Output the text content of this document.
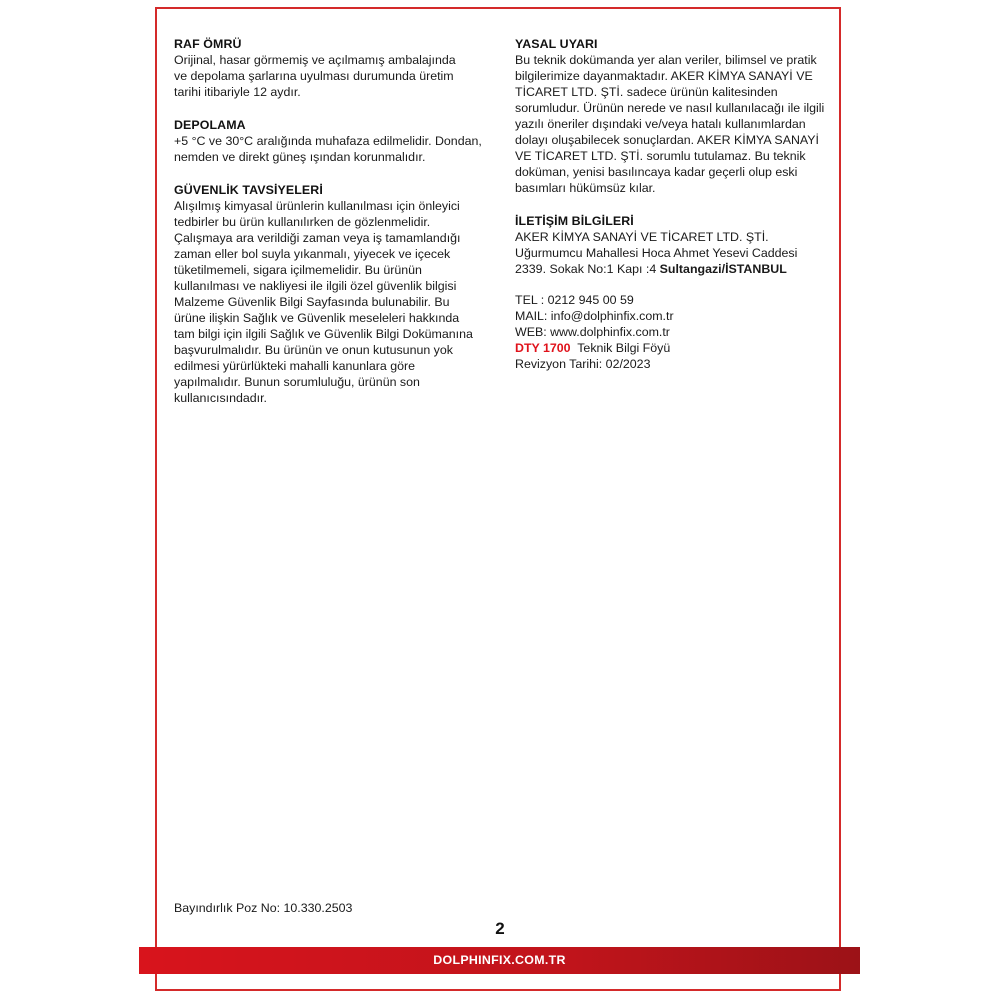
RAF ÖMRÜ
Orijinal, hasar görmemiş ve açılmamış ambalajında
ve depolama şarlarına uyulması durumunda üretim
tarihi itibariyle 12 aydır.
DEPOLAMA
+5 °C ve 30°C aralığında muhafaza edilmelidir. Dondan,
nemden ve direkt güneş ışından korunmalıdır.
GÜVENLİK TAVSİYELERİ
Alışılmış kimyasal ürünlerin kullanılması için önleyici
tedbirler bu ürün kullanılırken de gözlenmelidir.
Çalışmaya ara verildiği zaman veya iş tamamlandığı
zaman eller bol suyla yıkanmalı, yiyecek ve içecek
tüketilmemeli, sigara içilmemelidir. Bu ürünün
kullanılması ve nakliyesi ile ilgili özel güvenlik bilgisi
Malzeme Güvenlik Bilgi Sayfasında bulunabilir. Bu
ürüne ilişkin Sağlık ve Güvenlik meseleleri hakkında
tam bilgi için ilgili Sağlık ve Güvenlik Bilgi Dokümanına
başvurulmalıdır. Bu ürünün ve onun kutusunun yok
edilmesi yürürlükteki mahalli kanunlara göre
yapılmalıdır. Bunun sorumluluğu, ürünün son
kullanıcısındadır.
YASAL UYARI
Bu teknik dokümanda yer alan veriler, bilimsel ve pratik
bilgilerimize dayanmaktadır. AKER KİMYA SANAYİ VE
TİCARET LTD. ŞTİ. sadece ürünün kalitesinden
sorumludur. Ürünün nerede ve nasıl kullanılacağı ile ilgili
yazılı öneriler dışındaki ve/veya hatalı kullanımlardan
dolayı oluşabilecek sonuçlardan. AKER KİMYA SANAYİ
VE TİCARET LTD. ŞTİ. sorumlu tutulamaz. Bu teknik
doküman, yenisi basılıncaya kadar geçerli olup eski
basımları hükümsüz kılar.
İLETİŞİM BİLGİLERİ
AKER KİMYA SANAYİ VE TİCARET LTD. ŞTİ.
Uğurmumcu Mahallesi Hoca Ahmet Yesevi Caddesi
2339. Sokak No:1 Kapı :4 Sultangazi/İSTANBUL
TEL : 0212 945 00 59
MAIL: info@dolphinfix.com.tr
WEB: www.dolphinfix.com.tr
DTY 1700  Teknik Bilgi Föyü
Revizyon Tarihi: 02/2023
Bayındırlık Poz No: 10.330.2503
2
DOLPHINFIX.COM.TR
